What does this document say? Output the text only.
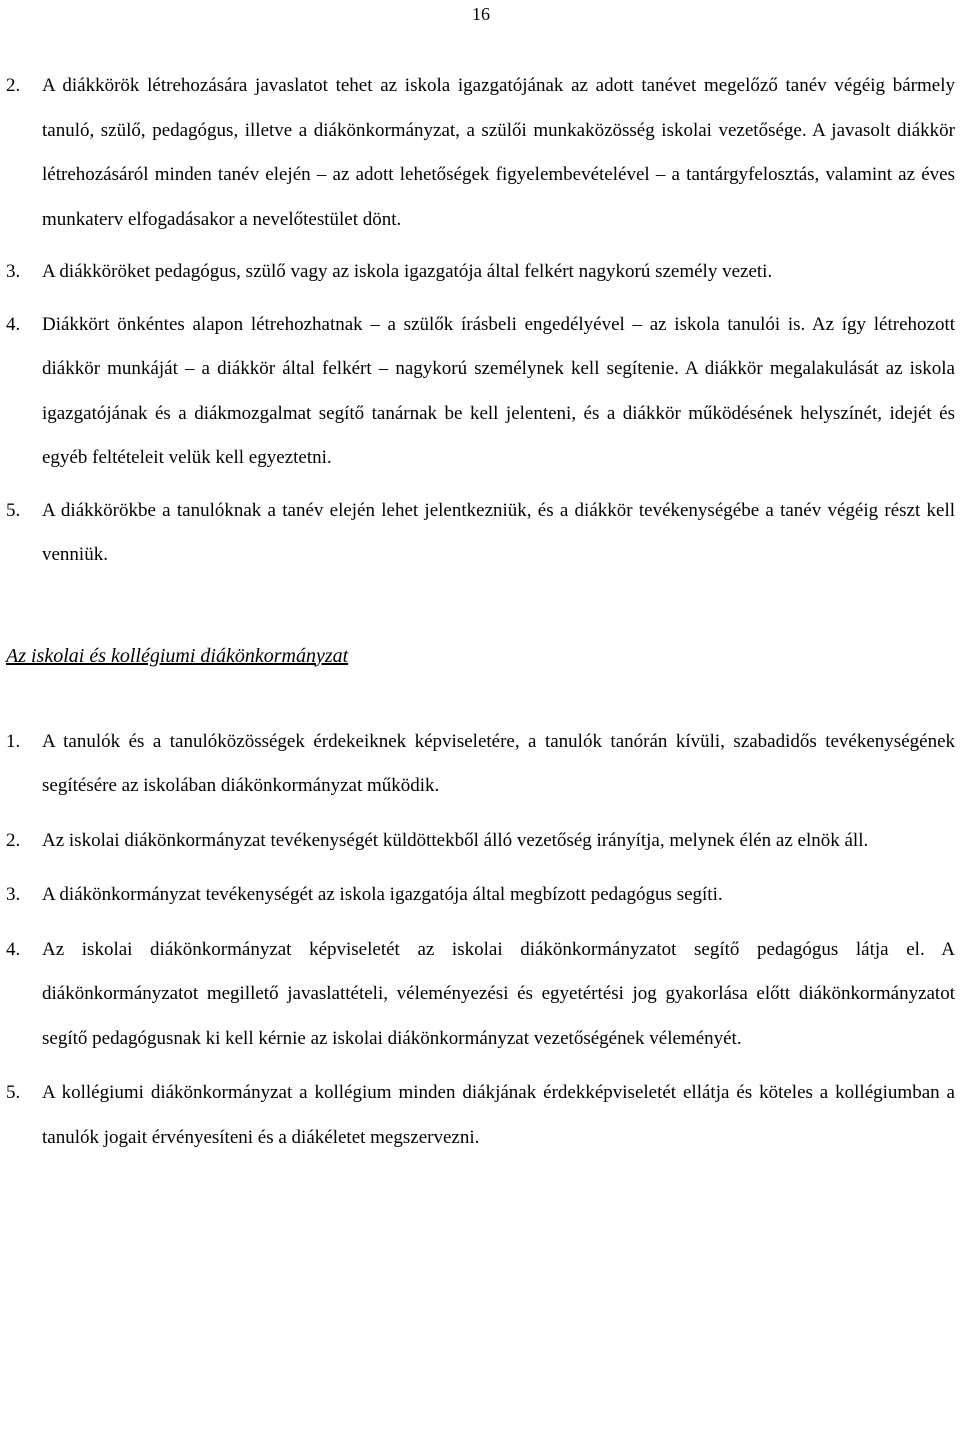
16

2. A diákkörök létrehozására javaslatot tehet az iskola igazgatójának az adott tanévet megelőző tanév végéig bármely tanuló, szülő, pedagógus, illetve a diákönkormányzat, a szülői munkaközösség iskolai vezetősége. A javasolt diákkör létrehozásáról minden tanév elején ‒ az adott lehetőségek figyelembevételével ‒ a tantárgyfelosztás, valamint az éves munkaterv elfogadásakor a nevelőtestület dönt.

3. A diákköröket pedagógus, szülő vagy az iskola igazgatója által felkért nagykorú személy vezeti.

4. Diákkört önkéntes alapon létrehozhatnak ‒ a szülők írásbeli engedélyével ‒ az iskola tanulói is. Az így létrehozott diákkör munkáját ‒ a diákkör által felkért ‒ nagykorú személynek kell segítenie. A diákkör megalakulását az iskola igazgatójának és a diákmozgalmat segítő tanárnak be kell jelenteni, és a diákkör működésének helyszínét, idejét és egyéb feltételeit velük kell egyeztetni.

5. A diákkörökbe a tanulóknak a tanév elején lehet jelentkezniük, és a diákkör tevékenységébe a tanév végéig részt kell venniük.

Az iskolai és kollégiumi diákönkormányzat

1. A tanulók és a tanulóközösségek érdekeiknek képviseletére, a tanulók tanórán kívüli, szabadidős tevékenységének segítésére az iskolában diákönkormányzat működik.

2. Az iskolai diákönkormányzat tevékenységét küldöttekből álló vezetőség irányítja, melynek élén az elnök áll.

3. A diákönkormányzat tevékenységét az iskola igazgatója által megbízott pedagógus segíti.

4. Az iskolai diákönkormányzat képviseletét az iskolai diákönkormányzatot segítő pedagógus látja el. A diákönkormányzatot megillető javaslattételi, véleményezési és egyetértési jog gyakorlása előtt diákönkormányzatot segítő pedagógusnak ki kell kérnie az iskolai diákönkormányzat vezetőségének véleményét.

5. A kollégiumi diákönkormányzat a kollégium minden diákjának érdekképviseletét ellátja és köteles a kollégiumban a tanulók jogait érvényesíteni és a diákéletet megszervezni.
